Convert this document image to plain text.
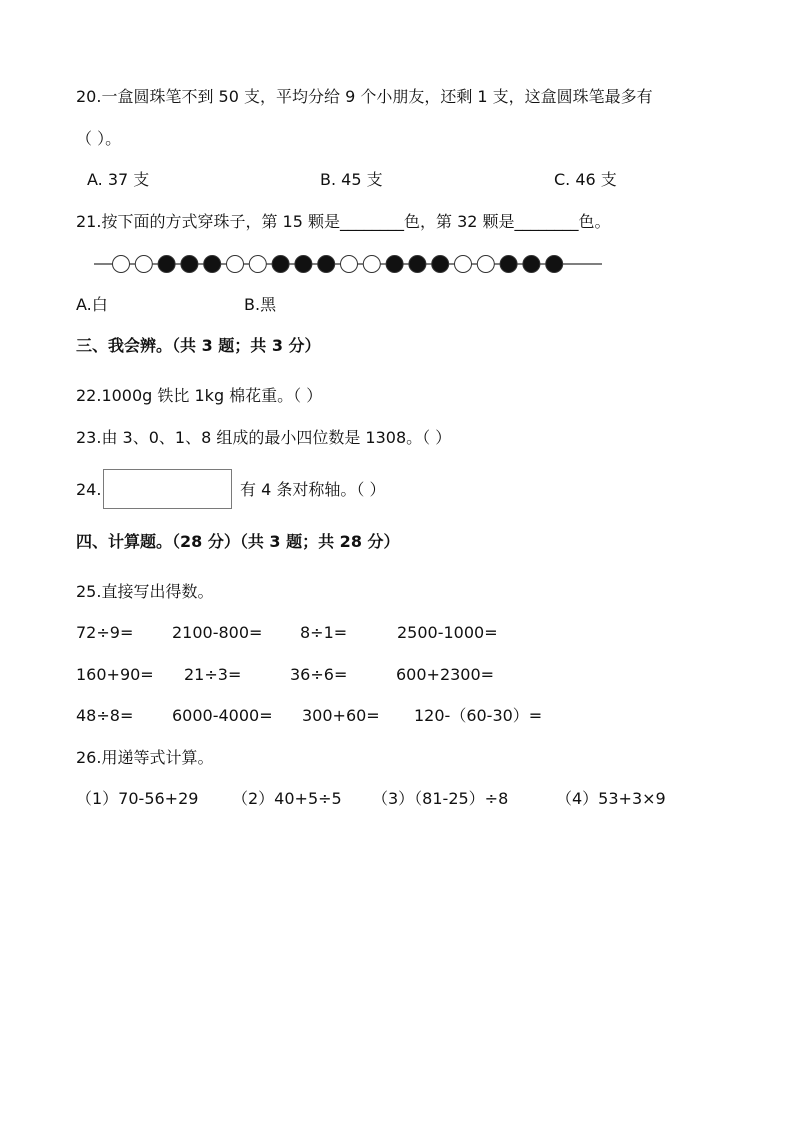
20.一盒圆珠笔不到 50 支，平均分给 9 个小朋友，还剩 1 支，这盒圆珠笔最多有
（ ）。
A. 37 支	B. 45 支	C. 46 支
21.按下面的方式穿珠子，第 15 颗是________色，第 32 颗是________色。
A.白	B.黑
三、我会辨。（共 3 题；共 3 分）
22.1000g 铁比 1kg 棉花重。（ ）
23.由 3、0、1、8 组成的最小四位数是 1308。（ ）
24.	有 4 条对称轴。（ ）
四、计算题。（28 分）（共 3 题；共 28 分）
25.直接写出得数。
72÷9= 2100-800= 8÷1=	2500-1000=
160+90= 21÷3=	36÷6=	600+2300=
48÷8= 6000-4000= 300+60= 120-（60-30）=
26.用递等式计算。
（1）70-56+29 （2）40+5÷5 （3）（81-25）÷8	（4）53+3×9
